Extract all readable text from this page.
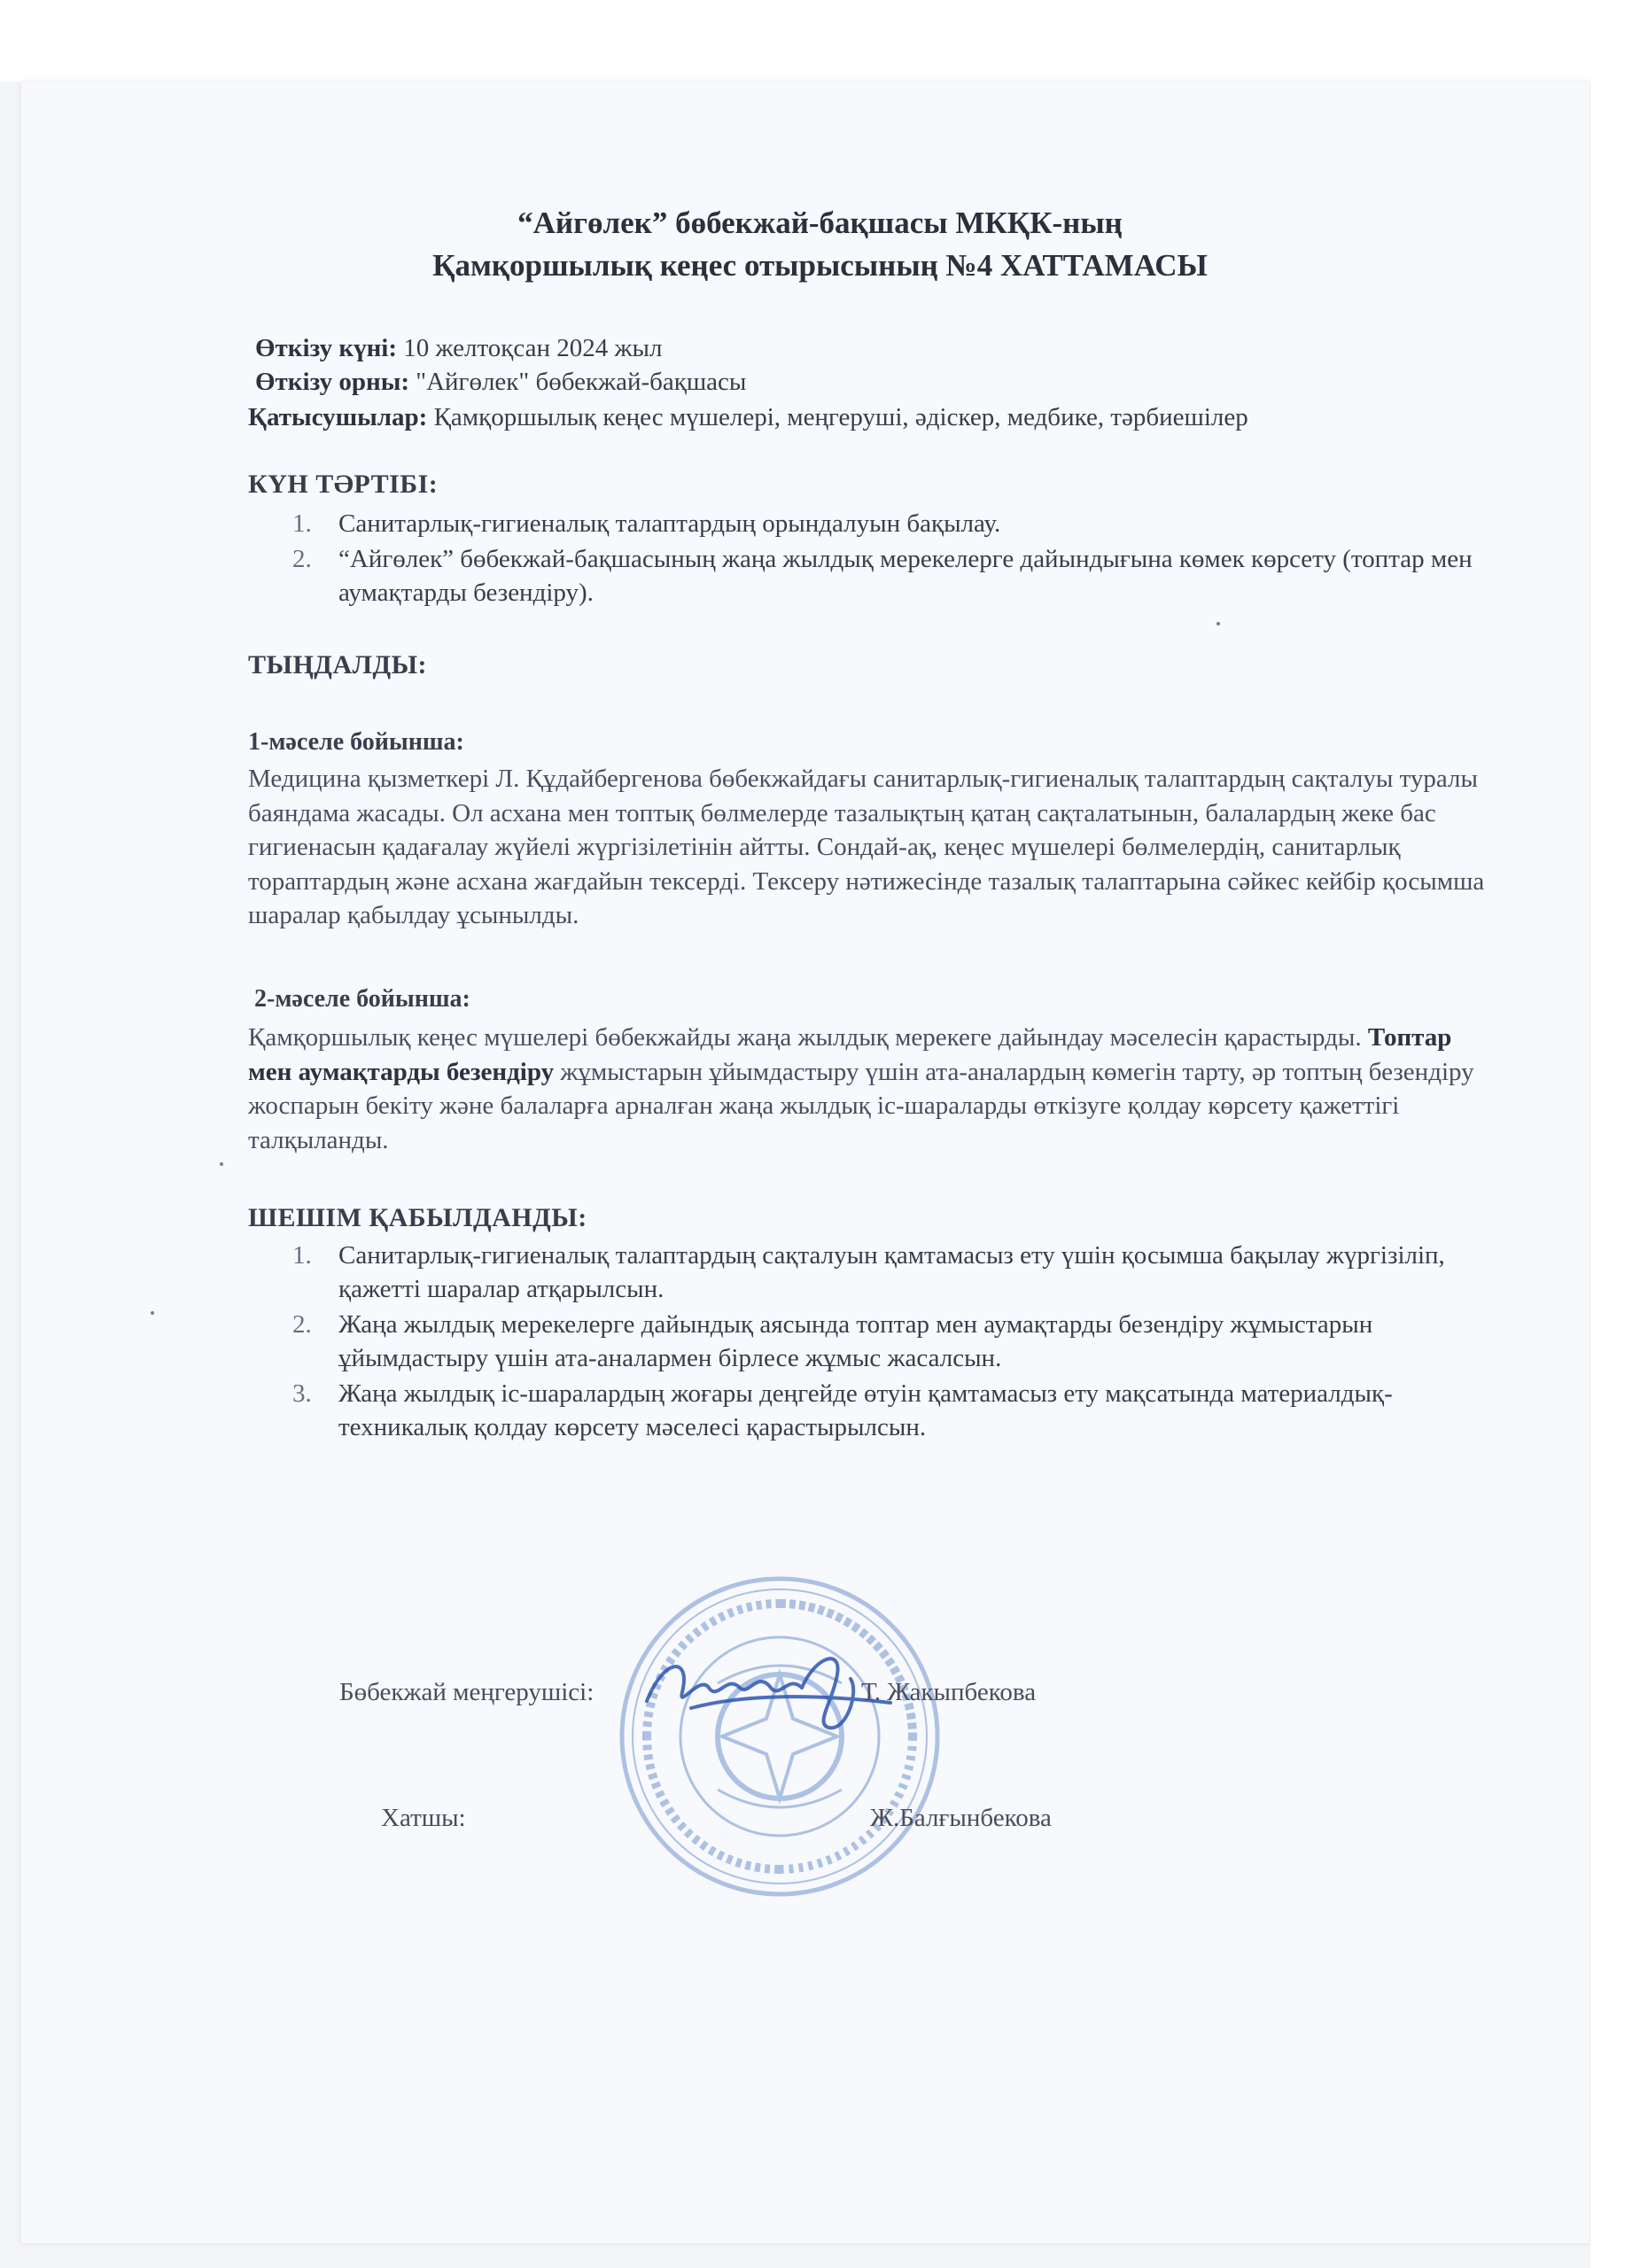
“Айгөлек” бөбекжай-бақшасы МКҚК-ның
Қамқоршылық кеңес отырысының №4 ХАТТАМАСЫ
Өткізу күні: 10 желтоқсан 2024 жыл
Өткізу орны: "Айгөлек" бөбекжай-бақшасы
Қатысушылар: Қамқоршылық кеңес мүшелері, меңгеруші, әдіскер, медбике, тәрбиешілер
КҮН ТӘРТІБІ:
1. Санитарлық-гигиеналық талаптардың орындалуын бақылау.
2. “Айгөлек” бөбекжай-бақшасының жаңа жылдық мерекелерге дайындығына көмек көрсету (топтар мен аумақтарды безендіру).
ТЫҢДАЛДЫ:
1-мәселе бойынша:

Медицина қызметкері Л. Құдайбергенова бөбекжайдағы санитарлық-гигиеналық талаптардың сақталуы туралы баяндама жасады. Ол асхана мен топтық бөлмелерде тазалықтың қатаң сақталатынын, балалардың жеке бас гигиенасын қадағалау жүйелі жүргізілетінін айтты. Сондай-ақ, кеңес мүшелері бөлмелердің, санитарлық тораптардың және асхана жағдайын тексерді. Тексеру нәтижесінде тазалық талаптарына сәйкес кейбір қосымша шаралар қабылдау ұсынылды.

2-мәселе бойынша:

Қамқоршылық кеңес мүшелері бөбекжайды жаңа жылдық мерекеге дайындау мәселесін қарастырды. Топтар мен аумақтарды безендіру жұмыстарын ұйымдастыру үшін ата-аналардың көмегін тарту, әр топтың безендіру жоспарын бекіту және балаларға арналған жаңа жылдық іс-шараларды өткізуге қолдау көрсету қажеттігі талқыланды.

ШЕШІМ ҚАБЫЛДАНДЫ:
1. Санитарлық-гигиеналық талаптардың сақталуын қамтамасыз ету үшін қосымша бақылау жүргізіліп, қажетті шаралар атқарылсын.
2. Жаңа жылдық мерекелерге дайындық аясында топтар мен аумақтарды безендіру жұмыстарын ұйымдастыру үшін ата-аналармен бірлесе жұмыс жасалсын.
3. Жаңа жылдық іс-шаралардың жоғары деңгейде өтуін қамтамасыз ету мақсатында материалдық-техникалық қолдау көрсету мәселесі қарастырылсын.
Бөбекжай меңгерушісі:	Т. Жакыпбекова
Хатшы:	Ж.Балғынбекова
